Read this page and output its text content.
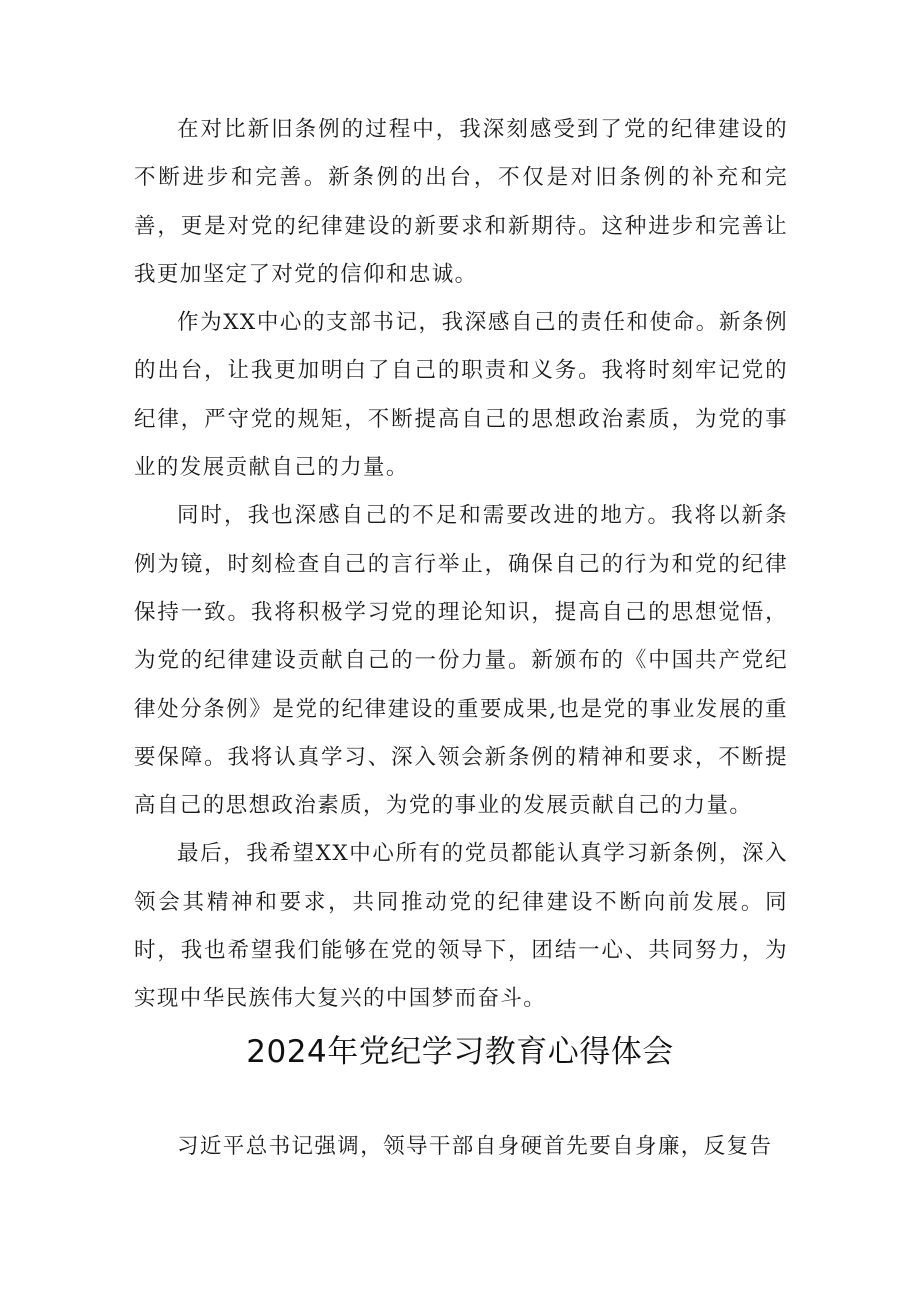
在对比新旧条例的过程中，我深刻感受到了党的纪律建设的不断进步和完善。新条例的出台，不仅是对旧条例的补充和完善，更是对党的纪律建设的新要求和新期待。这种进步和完善让我更加坚定了对党的信仰和忠诚。

作为XX中心的支部书记，我深感自己的责任和使命。新条例的出台，让我更加明白了自己的职责和义务。我将时刻牢记党的纪律，严守党的规矩，不断提高自己的思想政治素质，为党的事业的发展贡献自己的力量。

同时，我也深感自己的不足和需要改进的地方。我将以新条例为镜，时刻检查自己的言行举止，确保自己的行为和党的纪律保持一致。我将积极学习党的理论知识，提高自己的思想觉悟，为党的纪律建设贡献自己的一份力量。新颁布的《中国共产党纪律处分条例》是党的纪律建设的重要成果,也是党的事业发展的重要保障。我将认真学习、深入领会新条例的精神和要求，不断提高自己的思想政治素质，为党的事业的发展贡献自己的力量。

最后，我希望XX中心所有的党员都能认真学习新条例，深入领会其精神和要求，共同推动党的纪律建设不断向前发展。同时，我也希望我们能够在党的领导下，团结一心、共同努力，为实现中华民族伟大复兴的中国梦而奋斗。

2024年党纪学习教育心得体会

习近平总书记强调，领导干部自身硬首先要自身廉，反复告
